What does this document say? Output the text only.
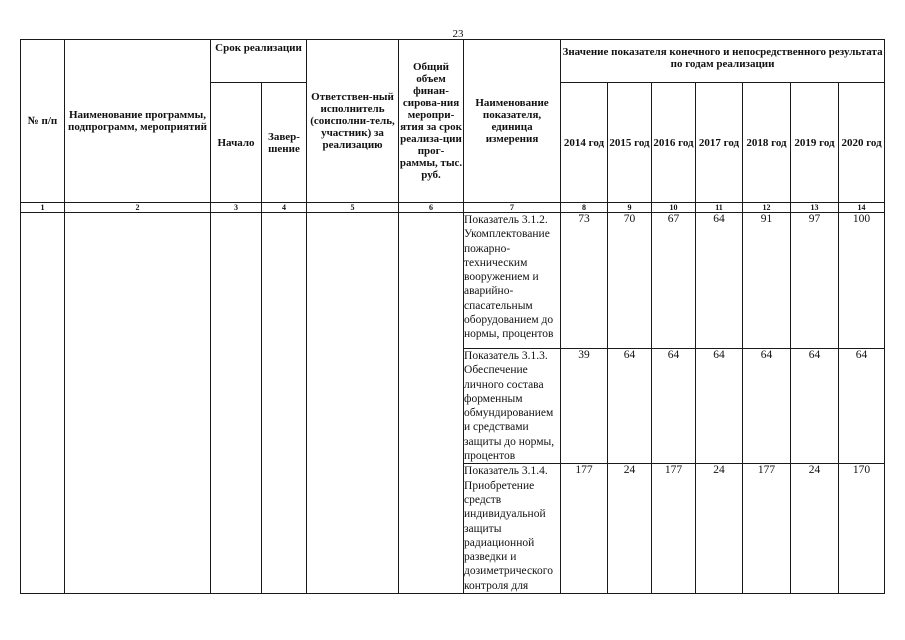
23
№ п/п	Наименование программы, подпрограмм, мероприятий	Срок реализации		Ответствен-ный исполнитель (соисполни-тель, участник) за реализацию	Общий объем финан-сирова-ния меропри-ятия за срок реализа-ции прог-раммы, тыс. руб.	Наименование показателя, единица измерения	Значение показателя конечного и непосредственного результата по годам реализации						
		Начало	Завер-шение				2014 год	2015 год	2016 год	2017 год	2018 год	2019 год	2020 год
1	2	3	4	5	6	7	8	9	10	11	12	13	14
						Показатель 3.1.2. Укомплектование пожарно-техническим вооружением и аварийно-спасательным оборудованием до нормы, процентов	73	70	67	64	91	97	100
						Показатель 3.1.3. Обеспечение личного состава форменным обмундированием и средствами защиты до нормы, процентов	39	64	64	64	64	64	64
						Показатель 3.1.4. Приобретение средств индивидуальной защиты радиационной разведки и дозиметрического контроля для	177	24	177	24	177	24	170
